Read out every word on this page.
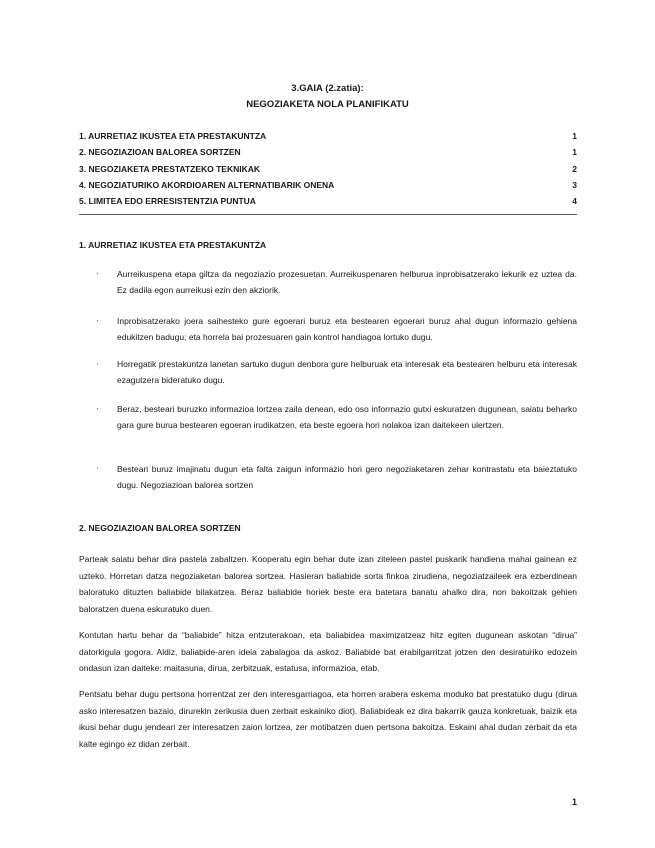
3.GAIA (2.zatia):
NEGOZIAKETA NOLA PLANIFIKATU
1. AURRETIAZ IKUSTEA ETA PRESTAKUNTZA	1
2. NEGOZIAZIOAN BALOREA SORTZEN	1
3. NEGOZIAKETA PRESTATZEKO TEKNIKAK	2
4. NEGOZIATURIKO AKORDIOAREN ALTERNATIBARIK ONENA	3
5. LIMITEA EDO ERRESISTENTZIA PUNTUA	4
1. AURRETIAZ IKUSTEA ETA PRESTAKUNTZA
· Aurreikuspena etapa giltza da negoziazio prozesuetan. Aurreikuspenaren helburua inprobisatzerako lekurik ez uztea da. Ez dadila egon aurreikusi ezin den akziorik.
· Inprobisatzerako joera saihesteko gure egoerari buruz eta bestearen egoerari buruz ahal dugun informazio gehiena edukitzen badugu; eta horrela bai prozesuaren gain kontrol handiagoa lortuko dugu.
· Horregatik prestakuntza lanetan sartuko dugun denbora gure helburuak eta interesak eta bestearen helburu eta interesak ezagutzera bideratuko dugu.
· Beraz, besteari buruzko informazioa lortzea zaila denean, edo oso informazio gutxi eskuratzen dugunean, saiatu beharko gara gure burua bestearen egoeran irudikatzen, eta beste egoera hori nolakoa izan daitekeen ulertzen.
· Besteari buruz imajinatu dugun eta falta zaigun informazio hori gero negoziaketaren zehar kontrastatu eta baieztatuko dugu. Negoziazioan balorea sortzen
2. NEGOZIAZIOAN BALOREA SORTZEN
Parteak saiatu behar dira pastela zabaltzen. Kooperatu egin behar dute izan ziteleen pastel puskarik handiena mahai gainean ez uzteko. Horretan datza negoziaketan balorea sortzea. Hasieran baliabide sorta finkoa zirudiena, negoziatzaileek era ezberdinean baloratuko dituzten baliabide bilakatzea. Beraz baliabide horiek beste era batetara banatu ahalko dira, non bakoitzak gehien baloratzen duena eskuratuko duen.
Kontutan hartu behar da “baliabide” hitza entzuterakoan, eta baliabidea maximizatzeaz hitz egiten dugunean askotan “dirua” datorkigula gogora. Aldiz, baliabide-aren ideia zabalagoa da askoz. Baliabide bat erabilgarritzat jotzen den desiraturiko edozein ondasun izan daiteke: maitasuna, dirua, zerbitzuak, estatusa, informazioa, etab.
Pentsatu behar dugu pertsona horrentzat zer den interesgarriagoa, eta horren arabera eskema moduko bat prestatuko dugu (dirua asko interesatzen bazaio, dirurekin zerikusia duen zerbait eskainiko diot). Baliabideak ez dira bakarrik gauza konkretuak, baizik eta ikusi behar dugu jendeari zer interesatzen zaion lortzea, zer motibatzen duen pertsona bakoitza. Eskaini ahal dudan zerbait da eta kalte egingo ez didan zerbait.
1
